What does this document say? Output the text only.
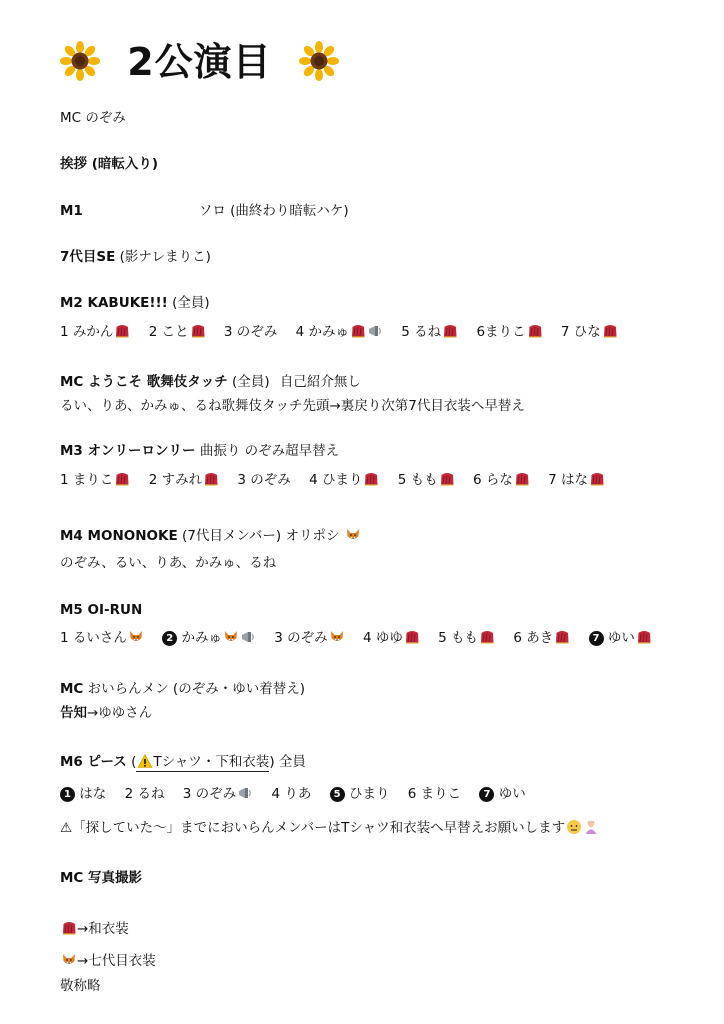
2公演目
MC のぞみ
挨拶 (暗転入り)
M1	ソロ (曲終わり暗転ハケ)
7代目SE (影ナレまりこ)
M2 KABUKE!!! (全員)
1 みかん	2 こと	3 のぞみ 4 かみゅ	5 るね	6まりこ	7 ひな
MC ようこそ 歌舞伎タッチ (全員) 自己紹介無し
るい、りあ、かみゅ、るね歌舞伎タッチ先頭→裏戻り次第7代目衣装へ早替え
M3 オンリーロンリー 曲振り のぞみ超早替え
1 まりこ	2 すみれ	3 のぞみ 4 ひまり	5 もも	6 らな	7 はな
M4 MONONOKE (7代目メンバー) オリポシ
のぞみ、るい、りあ、かみゅ、るね
M5 OI-RUN
1 るいさん	2 かみゅ	3 のぞみ	4 ゆゆ	5 もも	6 あき	7 ゆい
MC おいらんメン (のぞみ・ゆい着替え)
告知→ゆゆさん
M6 ピース ( Tシャツ・下和衣装) 全員
1 はな 2 るね 3 のぞみ	4 りあ 5 ひまり 6 まりこ 7 ゆい
⚠「探していた〜」までにおいらんメンバーはTシャツ和衣装へ早替えお願いします
MC 写真撮影
→和衣装
→七代目衣装
敬称略
